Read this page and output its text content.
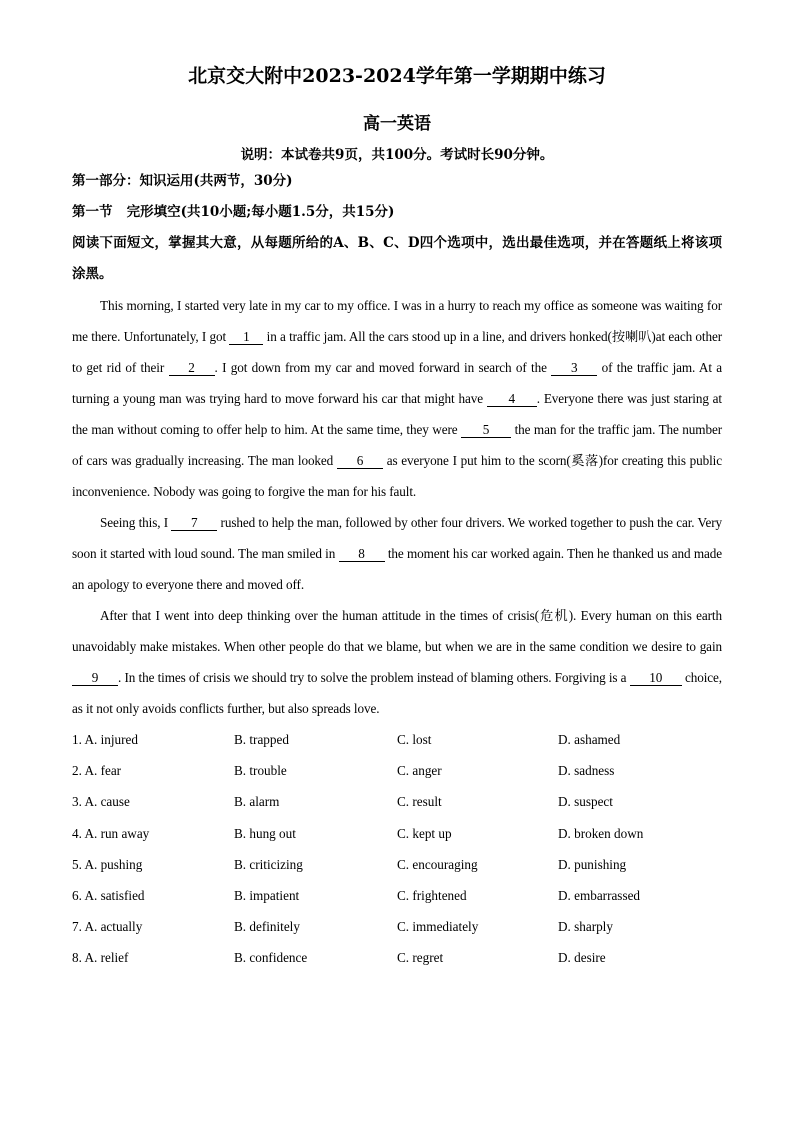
北京交大附中2023-2024学年第一学期期中练习
高一英语
说明：本试卷共9页，共100分。考试时长90分钟。
第一部分：知识运用(共两节，30分)
第一节   完形填空(共10小题;每小题1.5分，共15分)
阅读下面短文，掌握其大意，从每题所给的A、B、C、D四个选项中，选出最佳选项，并在答题纸上将该项涂黑。

This morning, I started very late in my car to my office. I was in a hurry to reach my office as someone was waiting for me there. Unfortunately, I got 1 in a traffic jam. All the cars stood up in a line, and drivers honked(按喇叭)at each other to get rid of their 2 . I got down from my car and moved forward in search of the 3 of the traffic jam. At a turning a young man was trying hard to move forward his car that might have 4 . Everyone there was just staring at the man without coming to offer help to him. At the same time, they were 5 the man for the traffic jam. The number of cars was gradually increasing. The man looked 6 as everyone I put him to the scorn(奚落)for creating this public inconvenience. Nobody was going to forgive the man for his fault.

Seeing this, I 7 rushed to help the man, followed by other four drivers. We worked together to push the car. Very soon it started with loud sound. The man smiled in 8 the moment his car worked again. Then he thanked us and made an apology to everyone there and moved off.

After that I went into deep thinking over the human attitude in the times of crisis(危机). Every human on this earth unavoidably make mistakes. When other people do that we blame, but when we are in the same condition we desire to gain 9 . In the times of crisis we should try to solve the problem instead of blaming others. Forgiving is a 10 choice, as it not only avoids conflicts further, but also spreads love.

1. A. injured	B. trapped	C. lost	D. ashamed
2. A. fear	B. trouble	C. anger	D. sadness
3. A. cause	B. alarm	C. result	D. suspect
4. A. run away	B. hung out	C. kept up	D. broken down
5. A. pushing	B. criticizing	C. encouraging	D. punishing
6. A. satisfied	B. impatient	C. frightened	D. embarrassed
7. A. actually	B. definitely	C. immediately	D. sharply
8. A. relief	B. confidence	C. regret	D. desire
